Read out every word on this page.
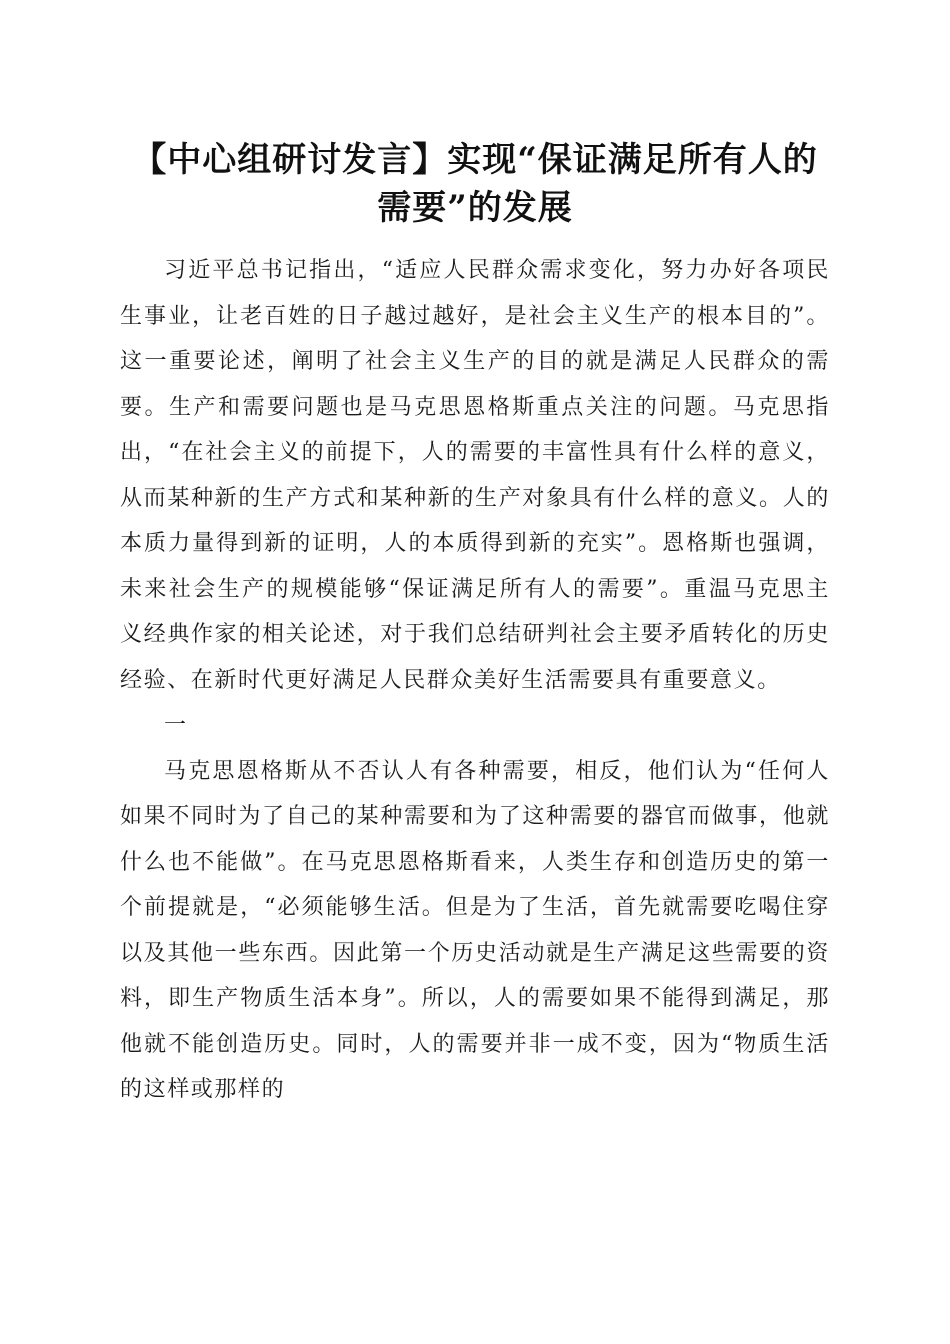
【中心组研讨发言】实现“保证满足所有人的
需要”的发展

习近平总书记指出，“适应人民群众需求变化，努力办好各项民生事业，让老百姓的日子越过越好，是社会主义生产的根本目的”。这一重要论述，阐明了社会主义生产的目的就是满足人民群众的需要。生产和需要问题也是马克思恩格斯重点关注的问题。马克思指出，“在社会主义的前提下，人的需要的丰富性具有什么样的意义，从而某种新的生产方式和某种新的生产对象具有什么样的意义。人的本质力量得到新的证明，人的本质得到新的充实”。恩格斯也强调，未来社会生产的规模能够“保证满足所有人的需要”。重温马克思主义经典作家的相关论述，对于我们总结研判社会主要矛盾转化的历史经验、在新时代更好满足人民群众美好生活需要具有重要意义。

一

马克思恩格斯从不否认人有各种需要，相反，他们认为“任何人如果不同时为了自己的某种需要和为了这种需要的器官而做事，他就什么也不能做”。在马克思恩格斯看来，人类生存和创造历史的第一个前提就是，“必须能够生活。但是为了生活，首先就需要吃喝住穿以及其他一些东西。因此第一个历史活动就是生产满足这些需要的资料，即生产物质生活本身”。所以，人的需要如果不能得到满足，那他就不能创造历史。同时，人的需要并非一成不变，因为“物质生活的这样或那样的
